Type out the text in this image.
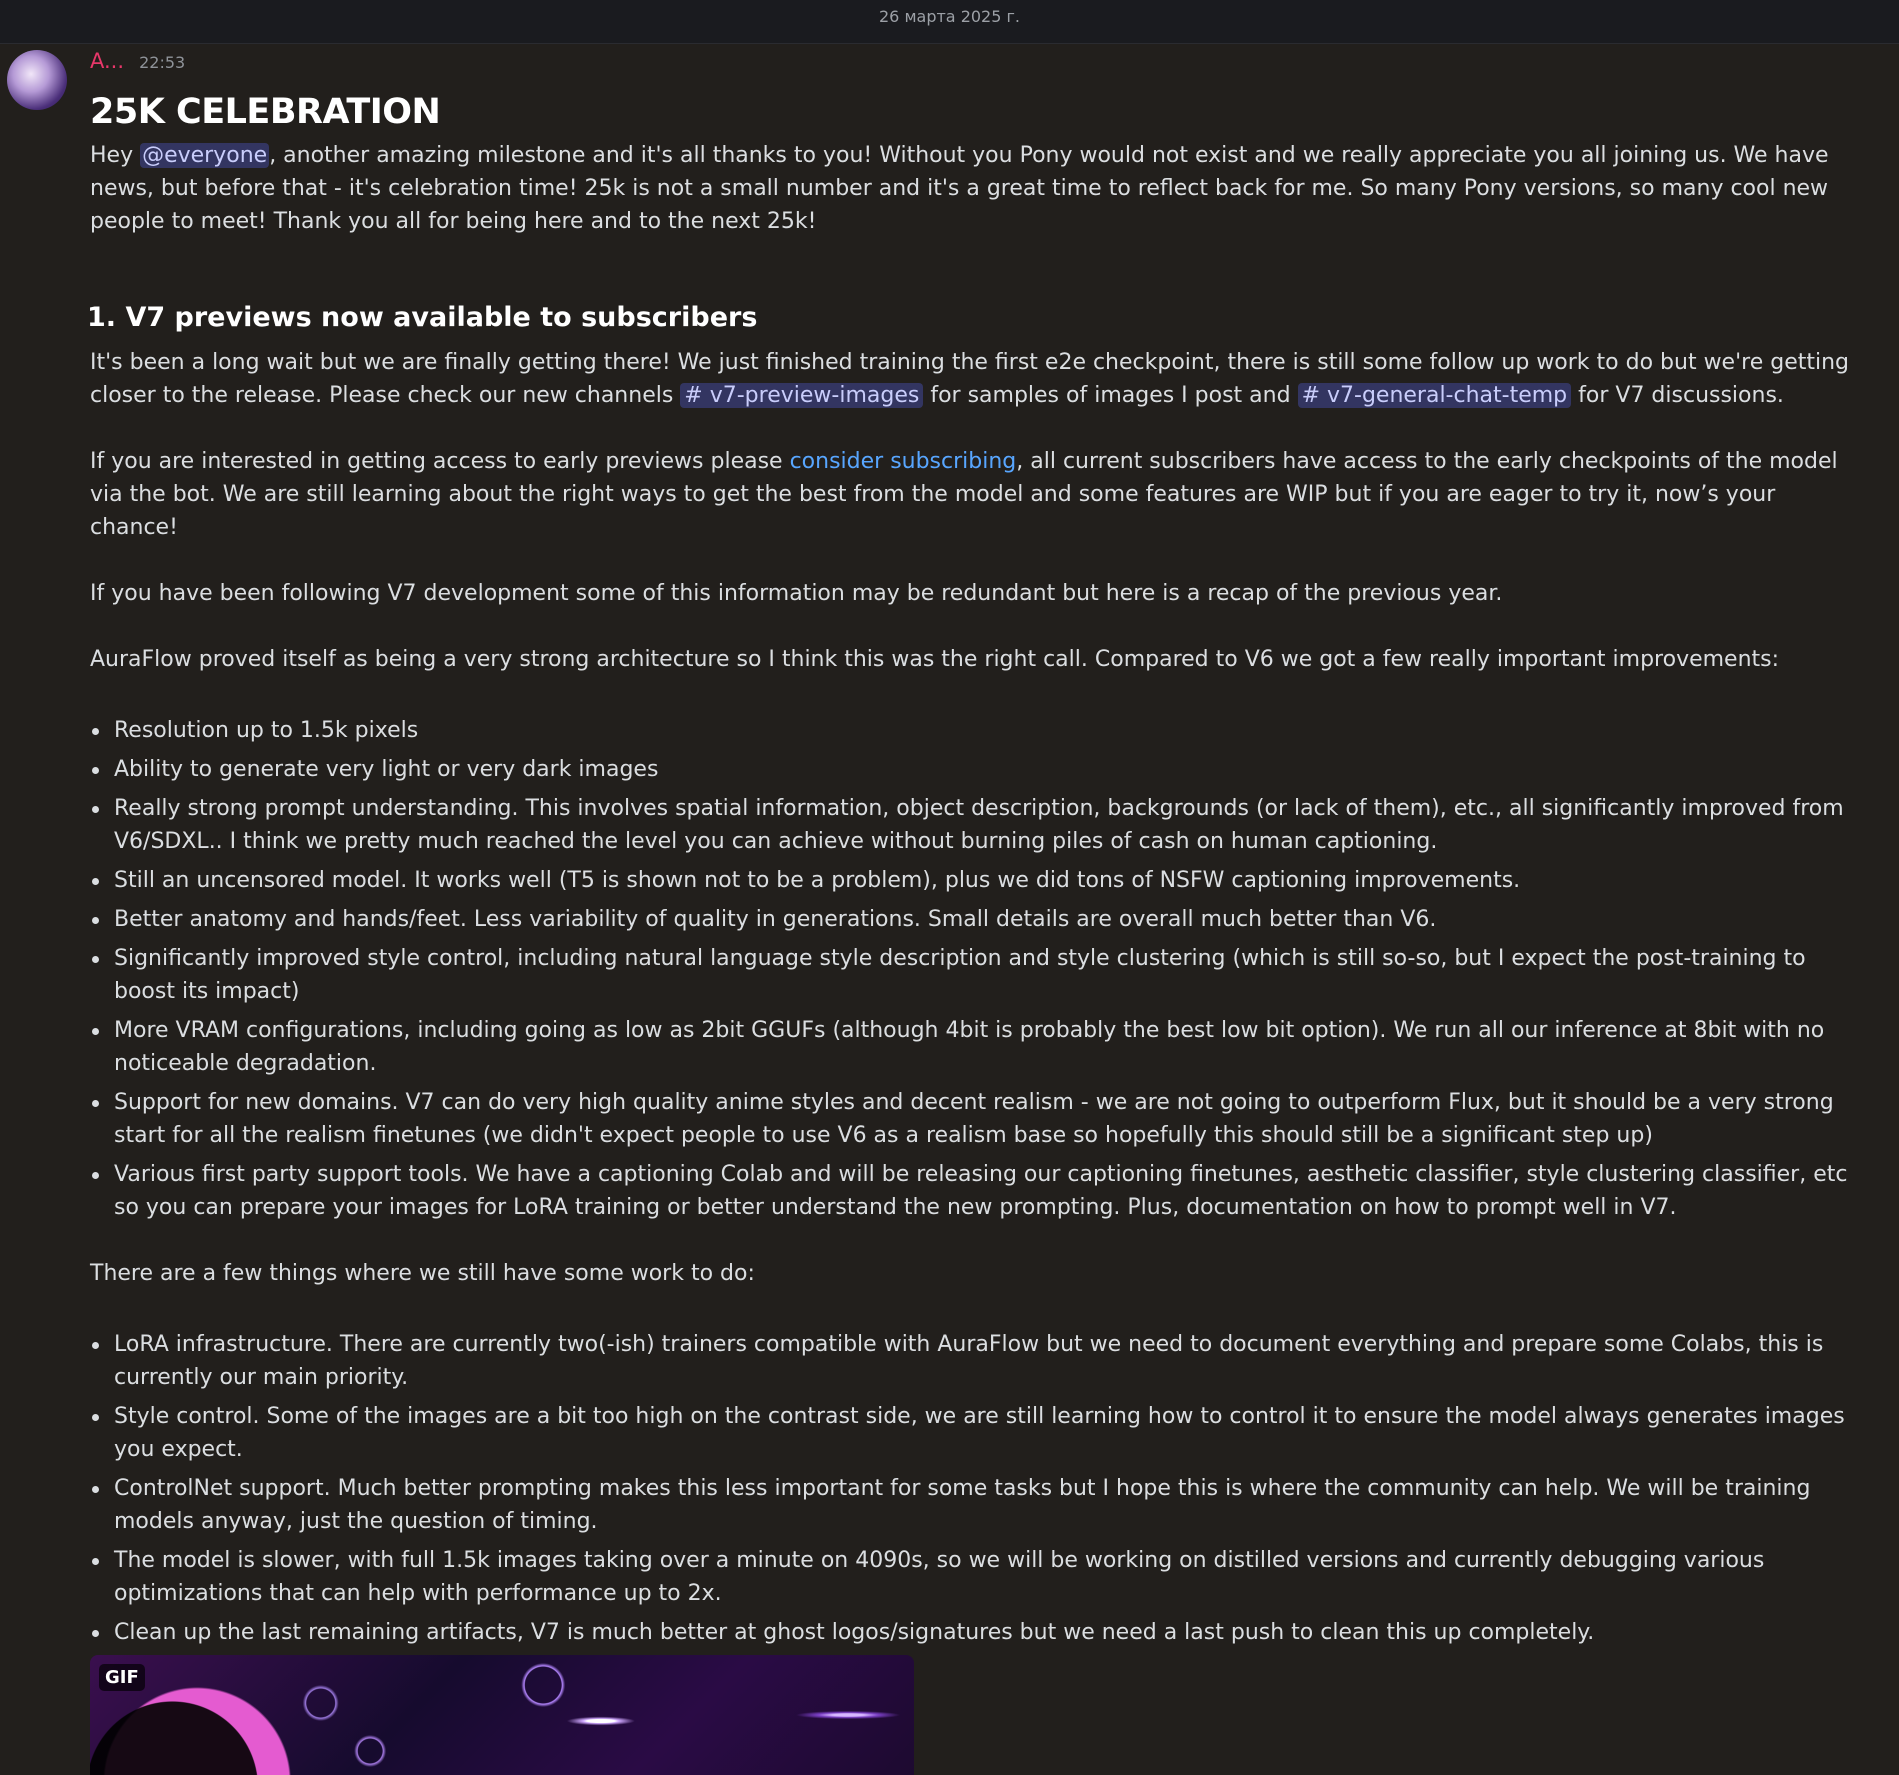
26 марта 2025 г.
A... 22:53
25K CELEBRATION

Hey @everyone, another amazing milestone and it's all thanks to you! Without you Pony would not exist and we really appreciate you all joining us. We have news, but before that - it's celebration time! 25k is not a small number and it's a great time to reflect back for me. So many Pony versions, so many cool new people to meet! Thank you all for being here and to the next 25k!

1. V7 previews now available to subscribers

It's been a long wait but we are finally getting there! We just finished training the first e2e checkpoint, there is still some follow up work to do but we're getting closer to the release. Please check our new channels # v7-preview-images for samples of images I post and # v7-general-chat-temp for V7 discussions.

If you are interested in getting access to early previews please consider subscribing, all current subscribers have access to the early checkpoints of the model via the bot. We are still learning about the right ways to get the best from the model and some features are WIP but if you are eager to try it, now’s your chance!

If you have been following V7 development some of this information may be redundant but here is a recap of the previous year.

AuraFlow proved itself as being a very strong architecture so I think this was the right call. Compared to V6 we got a few really important improvements:

Resolution up to 1.5k pixels
Ability to generate very light or very dark images
Really strong prompt understanding. This involves spatial information, object description, backgrounds (or lack of them), etc., all significantly improved from V6/SDXL.. I think we pretty much reached the level you can achieve without burning piles of cash on human captioning.
Still an uncensored model. It works well (T5 is shown not to be a problem), plus we did tons of NSFW captioning improvements.
Better anatomy and hands/feet. Less variability of quality in generations. Small details are overall much better than V6.
Significantly improved style control, including natural language style description and style clustering (which is still so-so, but I expect the post-training to boost its impact)
More VRAM configurations, including going as low as 2bit GGUFs (although 4bit is probably the best low bit option). We run all our inference at 8bit with no noticeable degradation.
Support for new domains. V7 can do very high quality anime styles and decent realism - we are not going to outperform Flux, but it should be a very strong start for all the realism finetunes (we didn't expect people to use V6 as a realism base so hopefully this should still be a significant step up)
Various first party support tools. We have a captioning Colab and will be releasing our captioning finetunes, aesthetic classifier, style clustering classifier, etc so you can prepare your images for LoRA training or better understand the new prompting. Plus, documentation on how to prompt well in V7.

There are a few things where we still have some work to do:

LoRA infrastructure. There are currently two(-ish) trainers compatible with AuraFlow but we need to document everything and prepare some Colabs, this is currently our main priority.
Style control. Some of the images are a bit too high on the contrast side, we are still learning how to control it to ensure the model always generates images you expect.
ControlNet support. Much better prompting makes this less important for some tasks but I hope this is where the community can help. We will be training models anyway, just the question of timing.
The model is slower, with full 1.5k images taking over a minute on 4090s, so we will be working on distilled versions and currently debugging various optimizations that can help with performance up to 2x.
Clean up the last remaining artifacts, V7 is much better at ghost logos/signatures but we need a last push to clean this up completely.
GIF
